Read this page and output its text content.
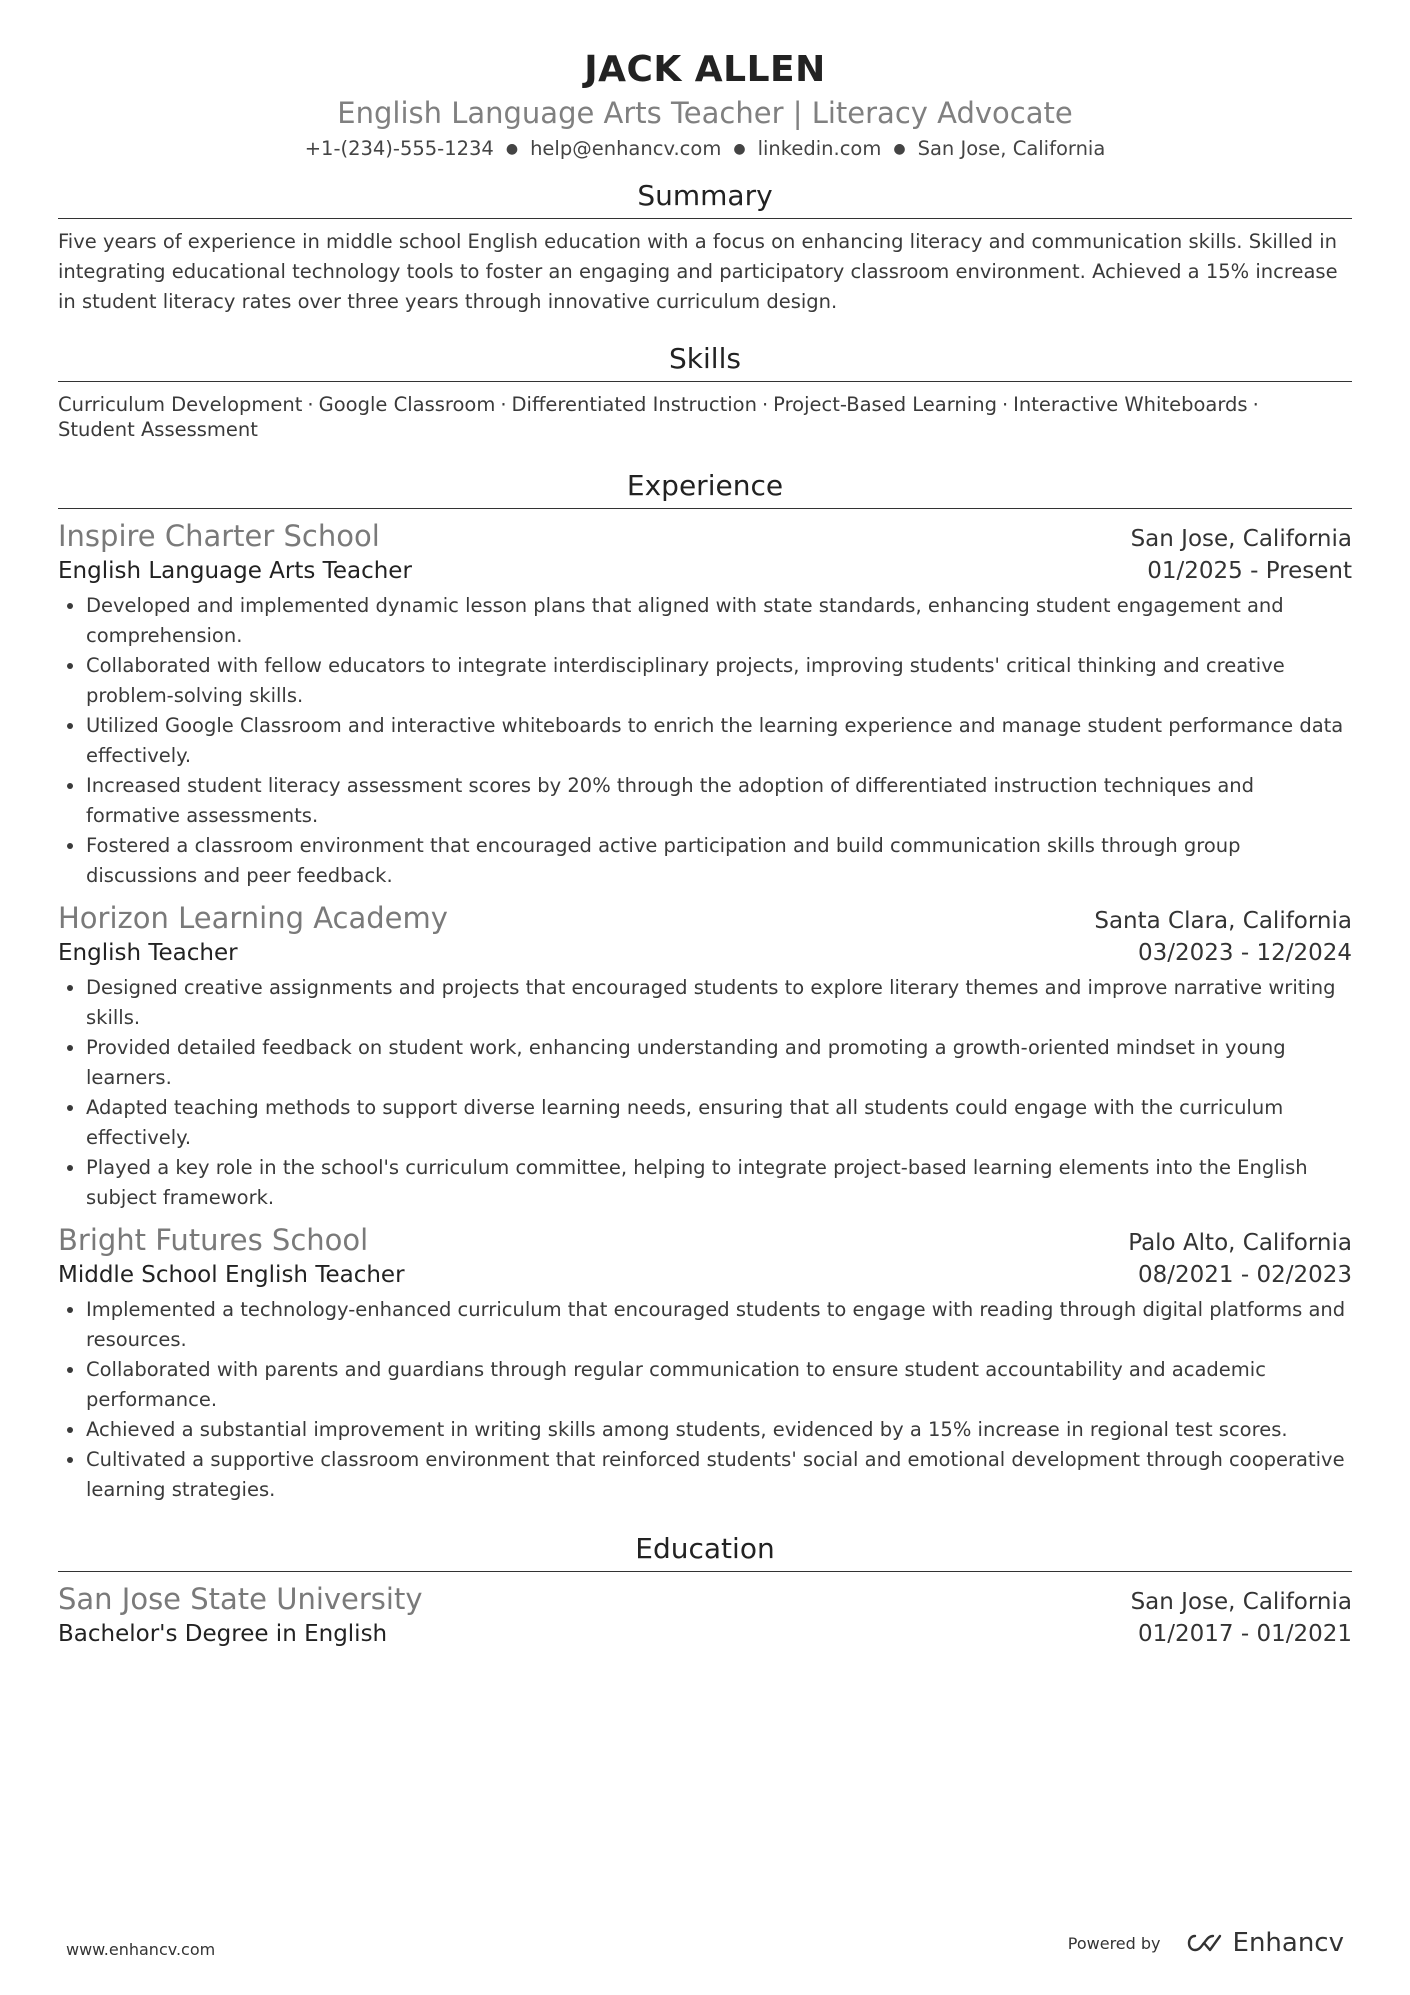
JACK ALLEN
English Language Arts Teacher | Literacy Advocate
+1-(234)-555-1234 ● help@enhancv.com ● linkedin.com ● San Jose, California
Summary
Five years of experience in middle school English education with a focus on enhancing literacy and communication skills. Skilled in integrating educational technology tools to foster an engaging and participatory classroom environment. Achieved a 15% increase in student literacy rates over three years through innovative curriculum design.
Skills
Curriculum Development · Google Classroom · Differentiated Instruction · Project-Based Learning · Interactive Whiteboards ·
Student Assessment
Experience
Inspire Charter School	San Jose, California
English Language Arts Teacher	01/2025 - Present
• Developed and implemented dynamic lesson plans that aligned with state standards, enhancing student engagement and comprehension.
• Collaborated with fellow educators to integrate interdisciplinary projects, improving students' critical thinking and creative problem-solving skills.
• Utilized Google Classroom and interactive whiteboards to enrich the learning experience and manage student performance data effectively.
• Increased student literacy assessment scores by 20% through the adoption of differentiated instruction techniques and formative assessments.
• Fostered a classroom environment that encouraged active participation and build communication skills through group discussions and peer feedback.
Horizon Learning Academy	Santa Clara, California
English Teacher	03/2023 - 12/2024
• Designed creative assignments and projects that encouraged students to explore literary themes and improve narrative writing skills.
• Provided detailed feedback on student work, enhancing understanding and promoting a growth-oriented mindset in young learners.
• Adapted teaching methods to support diverse learning needs, ensuring that all students could engage with the curriculum effectively.
• Played a key role in the school's curriculum committee, helping to integrate project-based learning elements into the English subject framework.
Bright Futures School	Palo Alto, California
Middle School English Teacher	08/2021 - 02/2023
• Implemented a technology-enhanced curriculum that encouraged students to engage with reading through digital platforms and resources.
• Collaborated with parents and guardians through regular communication to ensure student accountability and academic performance.
• Achieved a substantial improvement in writing skills among students, evidenced by a 15% increase in regional test scores.
• Cultivated a supportive classroom environment that reinforced students' social and emotional development through cooperative learning strategies.
Education
San Jose State University	San Jose, California
Bachelor's Degree in English	01/2017 - 01/2021
www.enhancv.com	Powered by	Enhancv
